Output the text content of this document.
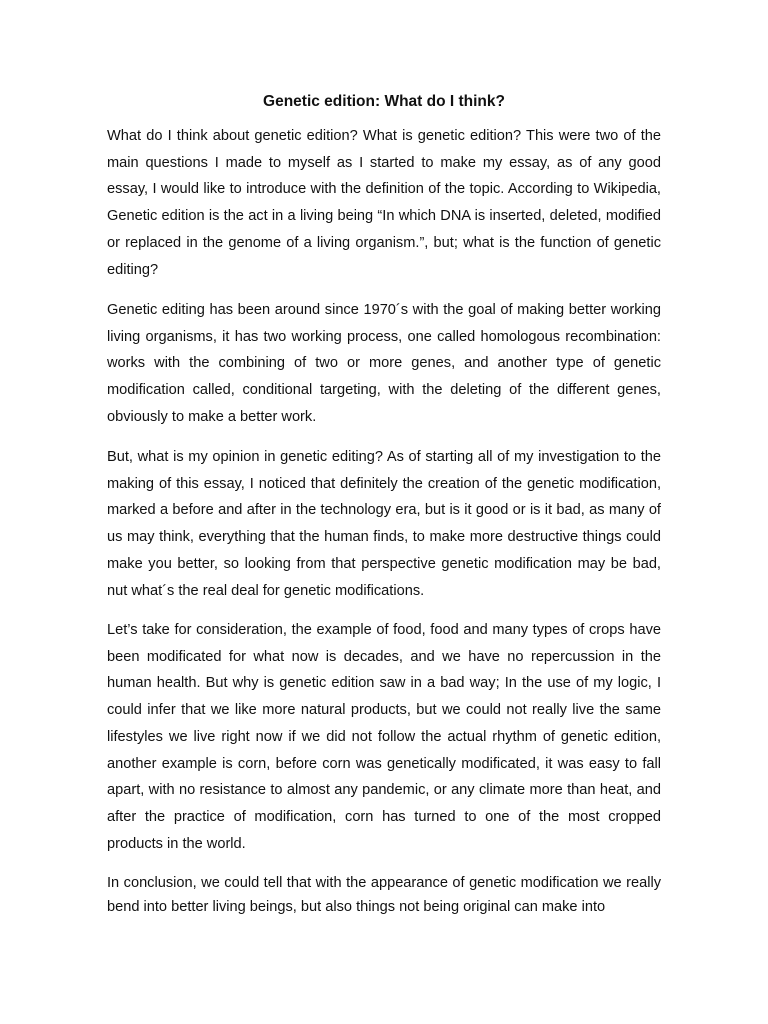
Genetic edition: What do I think?

What do I think about genetic edition? What is genetic edition? This were two of the main questions I made to myself as I started to make my essay, as of any good essay, I would like to introduce with the definition of the topic. According to Wikipedia, Genetic edition is the act in a living being “In which DNA is inserted, deleted, modified or replaced in the genome of a living organism.”, but; what is the function of genetic editing?

Genetic editing has been around since 1970´s with the goal of making better working living organisms, it has two working process, one called homologous recombination: works with the combining of two or more genes, and another type of genetic modification called, conditional targeting, with the deleting of the different genes, obviously to make a better work.

But, what is my opinion in genetic editing? As of starting all of my investigation to the making of this essay, I noticed that definitely the creation of the genetic modification, marked a before and after in the technology era, but is it good or is it bad, as many of us may think, everything that the human finds, to make more destructive things could make you better, so looking from that perspective genetic modification may be bad, nut what´s the real deal for genetic modifications.

Let’s take for consideration, the example of food, food and many types of crops have been modificated for what now is decades, and we have no repercussion in the human health. But why is genetic edition saw in a bad way; In the use of my logic, I could infer that we like more natural products, but we could not really live the same lifestyles we live right now if we did not follow the actual rhythm of genetic edition, another example is corn, before corn was genetically modificated, it was easy to fall apart, with no resistance to almost any pandemic, or any climate more than heat, and after the practice of modification, corn has turned to one of the most cropped products in the world.

In conclusion, we could tell that with the appearance of genetic modification we really bend into better living beings, but also things not being original can make into
